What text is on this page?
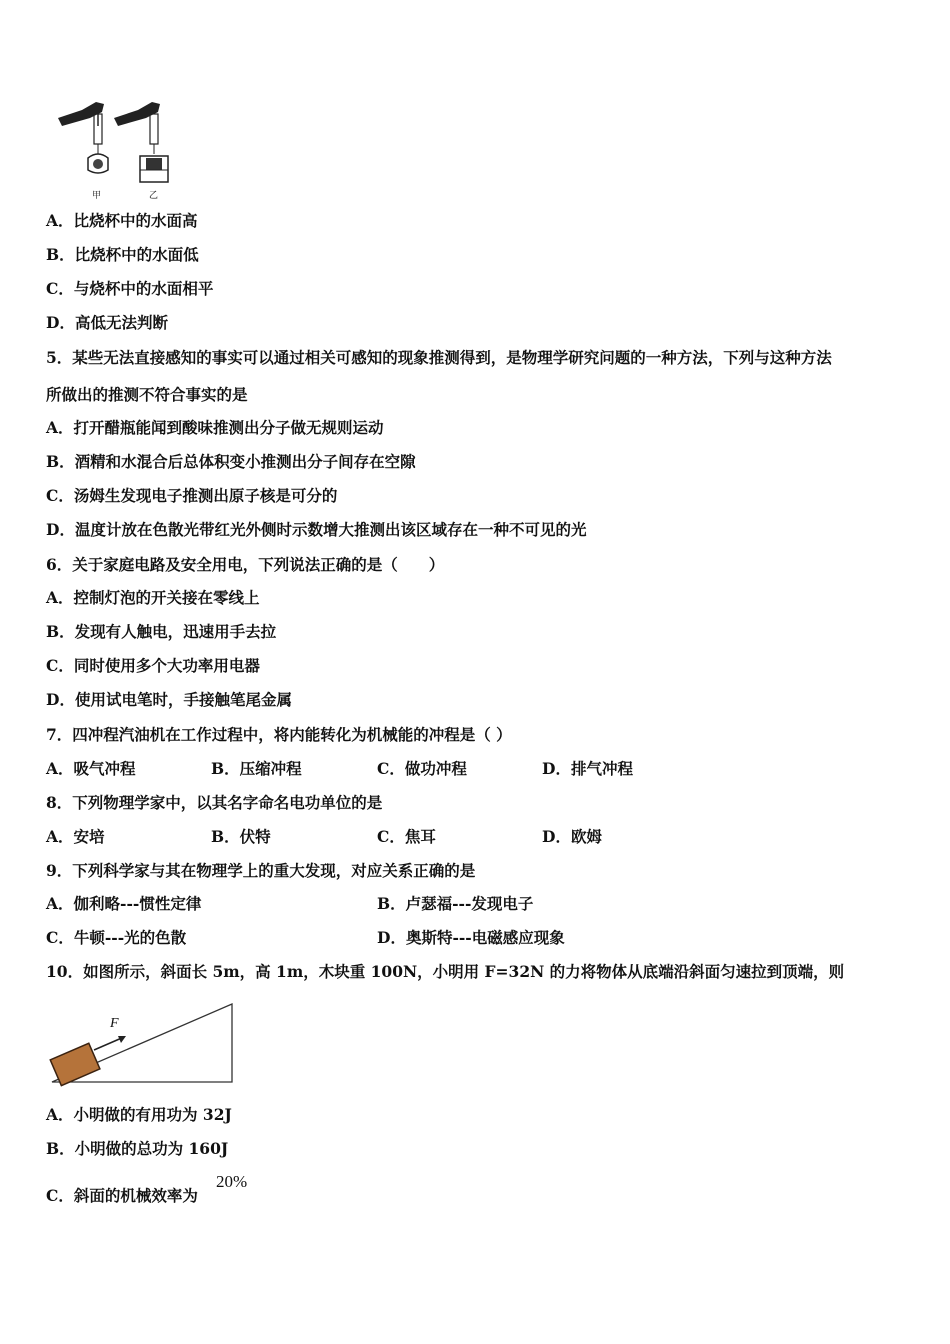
甲	乙
A．比烧杯中的水面高
B．比烧杯中的水面低
C．与烧杯中的水面相平
D．高低无法判断
5．某些无法直接感知的事实可以通过相关可感知的现象推测得到，是物理学研究问题的一种方法，下列与这种方法
所做出的推测不符合事实的是
A．打开醋瓶能闻到酸味推测出分子做无规则运动
B．酒精和水混合后总体积变小推测出分子间存在空隙
C．汤姆生发现电子推测出原子核是可分的
D．温度计放在色散光带红光外侧时示数增大推测出该区域存在一种不可见的光
6．关于家庭电路及安全用电，下列说法正确的是（　　）
A．控制灯泡的开关接在零线上
B．发现有人触电，迅速用手去拉
C．同时使用多个大功率用电器
D．使用试电笔时，手接触笔尾金属
7．四冲程汽油机在工作过程中，将内能转化为机械能的冲程是（ ）
A．吸气冲程	B．压缩冲程	C．做功冲程	D．排气冲程
8．下列物理学家中，以其名字命名电功单位的是
A．安培	B．伏特	C．焦耳	D．欧姆
9．下列科学家与其在物理学上的重大发现，对应关系正确的是
A．伽利略---惯性定律	B．卢瑟福---发现电子
C．牛顿---光的色散	D．奥斯特---电磁感应现象
10．如图所示，斜面长 5m，高 1m，木块重 100N，小明用 F=32N 的力将物体从底端沿斜面匀速拉到顶端，则
F
A．小明做的有用功为 32J
B．小明做的总功为 160J
C．斜面的机械效率为
20%
